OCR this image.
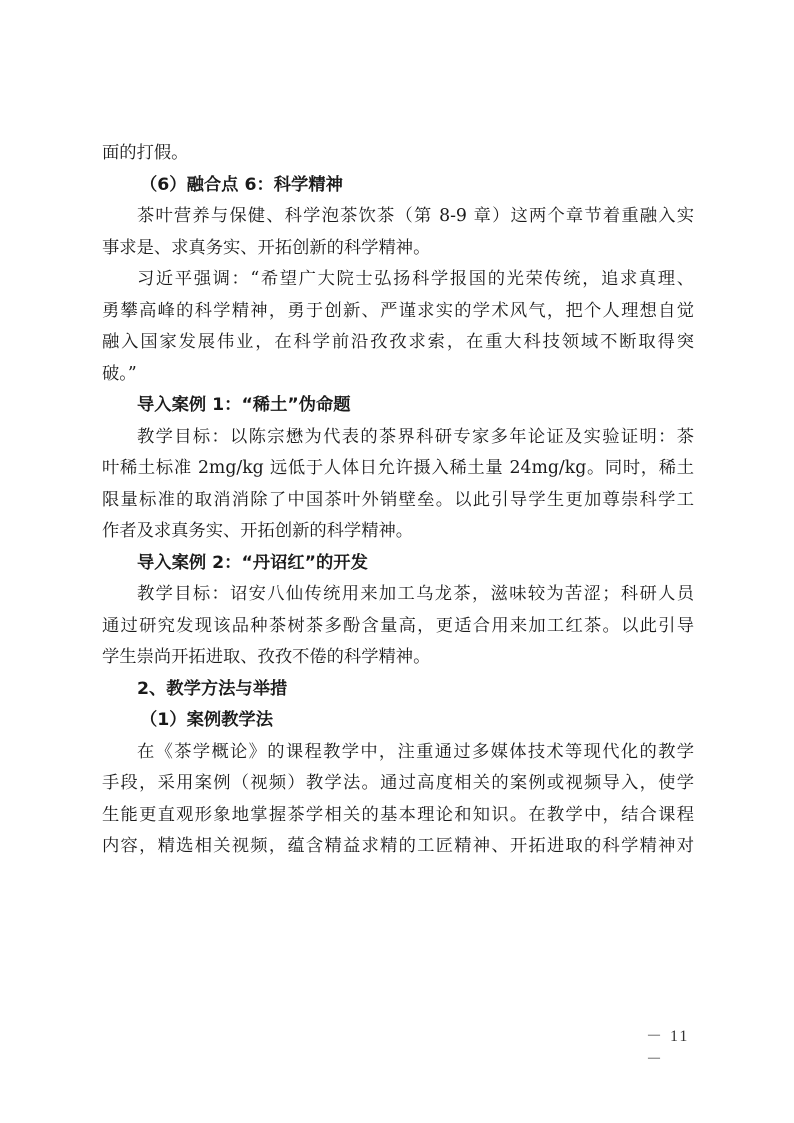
面的打假。
（6）融合点 6：科学精神
茶叶营养与保健、科学泡茶饮茶（第 8-9 章）这两个章节着重融入实
事求是、求真务实、开拓创新的科学精神。
习近平强调：“希望广大院士弘扬科学报国的光荣传统，追求真理、
勇攀高峰的科学精神，勇于创新、严谨求实的学术风气，把个人理想自觉
融入国家发展伟业，在科学前沿孜孜求索，在重大科技领域不断取得突
破。”
导入案例 1：“稀土”伪命题
教学目标：以陈宗懋为代表的茶界科研专家多年论证及实验证明：茶
叶稀土标准 2mg/kg 远低于人体日允许摄入稀土量 24mg/kg。同时，稀土
限量标准的取消消除了中国茶叶外销壁垒。以此引导学生更加尊崇科学工
作者及求真务实、开拓创新的科学精神。
导入案例 2：“丹诏红”的开发
教学目标：诏安八仙传统用来加工乌龙茶，滋味较为苦涩；科研人员
通过研究发现该品种茶树茶多酚含量高，更适合用来加工红茶。以此引导
学生崇尚开拓进取、孜孜不倦的科学精神。
2、教学方法与举措
（1）案例教学法
在《茶学概论》的课程教学中，注重通过多媒体技术等现代化的教学
手段，采用案例（视频）教学法。通过高度相关的案例或视频导入，使学
生能更直观形象地掌握茶学相关的基本理论和知识。在教学中，结合课程
内容，精选相关视频，蕴含精益求精的工匠精神、开拓进取的科学精神对
－ 11 －
